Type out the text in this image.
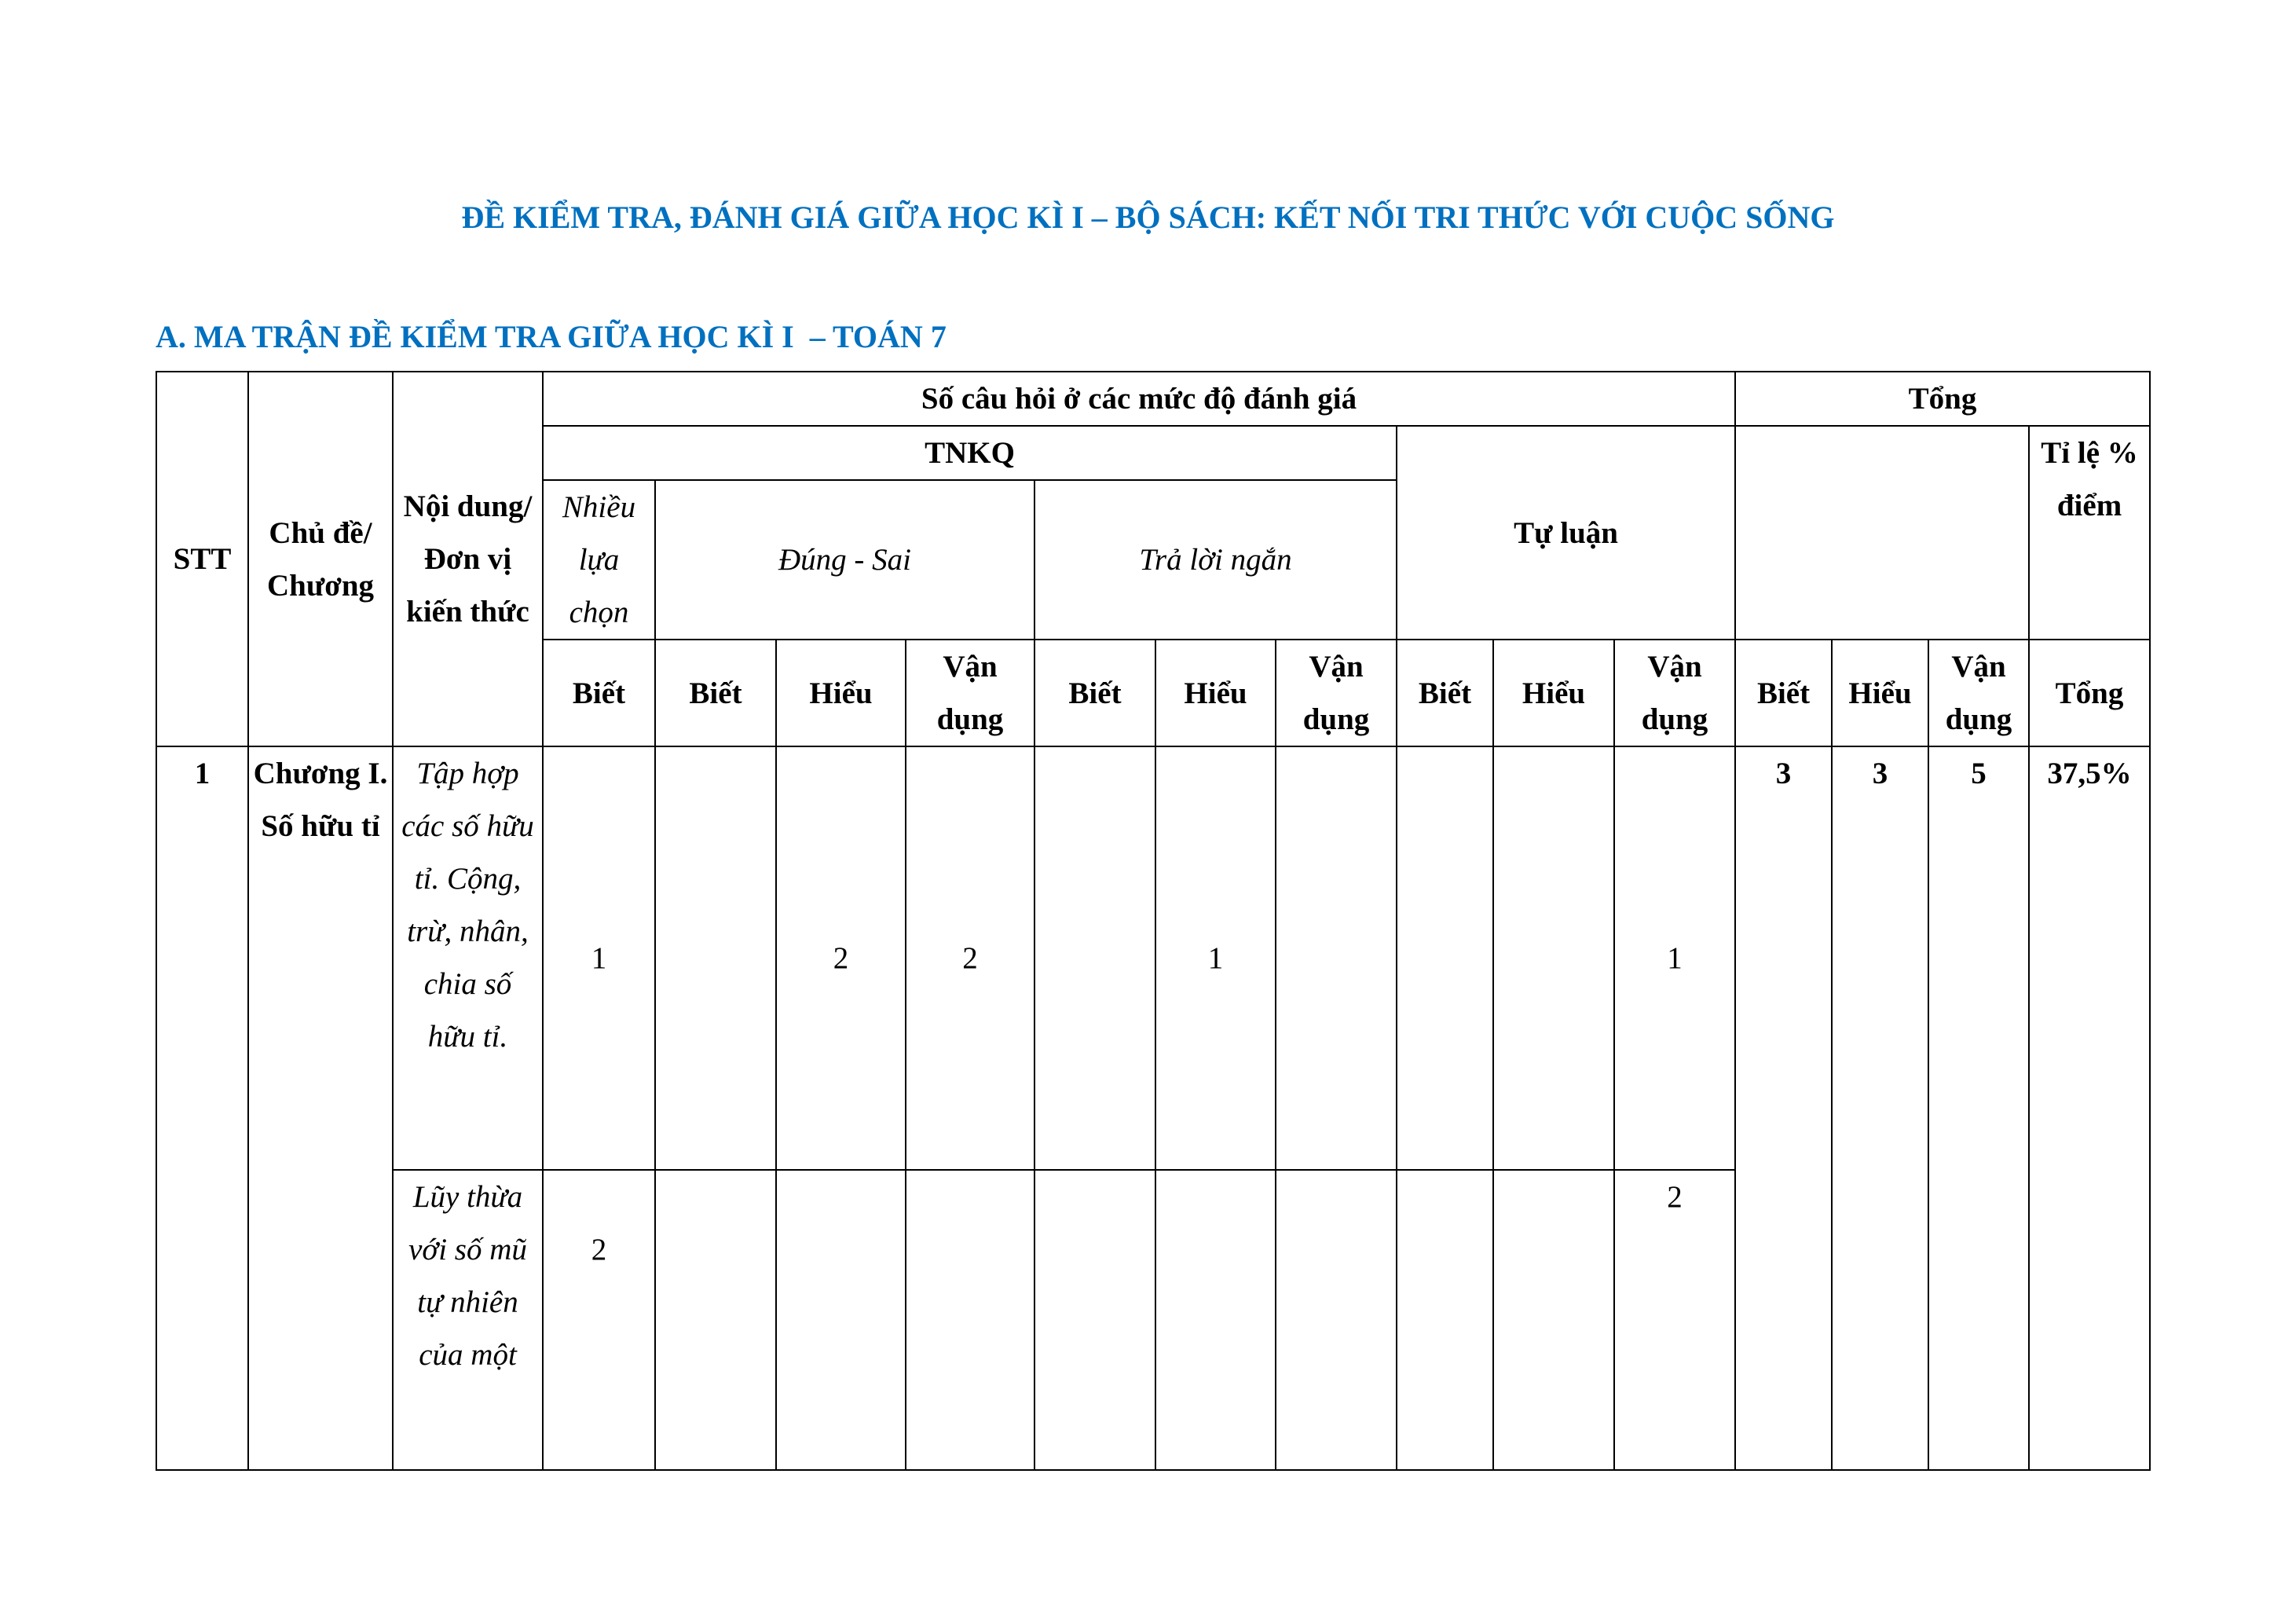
ĐỀ KIỂM TRA, ĐÁNH GIÁ GIỮA HỌC KÌ I – BỘ SÁCH: KẾT NỐI TRI THỨC VỚI CUỘC SỐNG
A. MA TRẬN ĐỀ KIỂM TRA GIỮA HỌC KÌ I  – TOÁN 7
STT	Chủ đề/ Chương	Nội dung/ Đơn vị kiến thức	Số câu hỏi ở các mức độ đánh giá										Tổng			
			TNKQ							Tự luận						Tỉ lệ % điểm

			Nhiều lựa chọn	Đúng - Sai			Trả lời ngắn									
			Biết	Biết	Hiểu	Vận dụng	Biết	Hiểu	Vận dụng	Biết	Hiểu	Vận dụng	Biết	Hiểu	Vận dụng	Tổng
1	Chương I. Số hữu tỉ	Tập hợp các số hữu tỉ. Cộng, trừ, nhân, chia số hữu tỉ.	1		2	2		1				1	3	3	5	37,5%

		Lũy thừa với số mũ tự nhiên của một	2									2				
